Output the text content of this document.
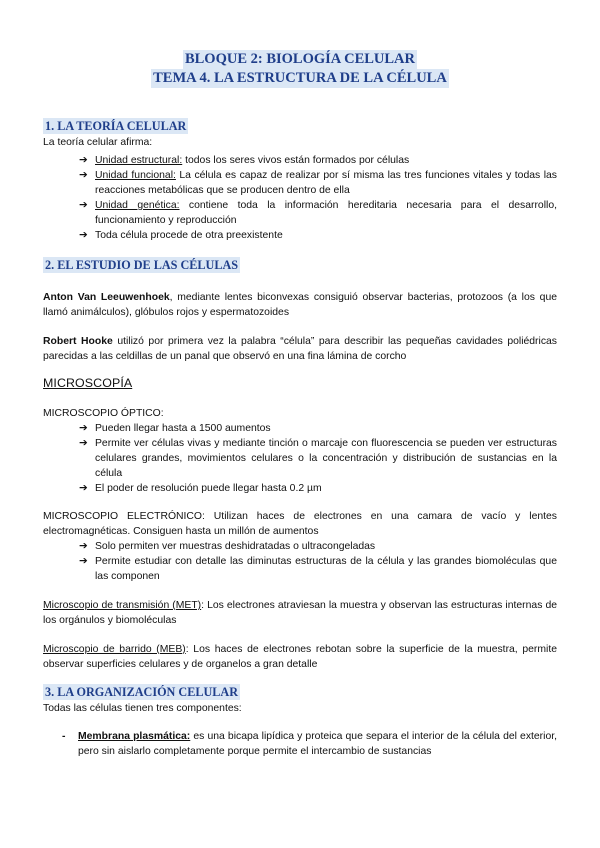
BLOQUE 2: BIOLOGÍA CELULAR
TEMA 4. LA ESTRUCTURA DE LA CÉLULA
1. LA TEORÍA CELULAR

La teoría celular afirma:

➔ Unidad estructural: todos los seres vivos están formados por células
➔ Unidad funcional: La célula es capaz de realizar por sí misma las tres funciones vitales y todas las reacciones metabólicas que se producen dentro de ella
➔ Unidad genética: contiene toda la información hereditaria necesaria para el desarrollo, funcionamiento y reproducción
➔ Toda célula procede de otra preexistente
2. EL ESTUDIO DE LAS CÉLULAS

Anton Van Leeuwenhoek, mediante lentes biconvexas consiguió observar bacterias, protozoos (a los que llamó animálculos), glóbulos rojos y espermatozoides

Robert Hooke utilizó por primera vez la palabra “célula” para describir las pequeñas cavidades poliédricas parecidas a las celdillas de un panal que observó en una fina lámina de corcho

MICROSCOPÍA

MICROSCOPIO ÓPTICO:

➔ Pueden llegar hasta a 1500 aumentos
➔ Permite ver células vivas y mediante tinción o marcaje con fluorescencia se pueden ver estructuras celulares grandes, movimientos celulares o la concentración y distribución de sustancias en la célula
➔ El poder de resolución puede llegar hasta 0.2 µm

MICROSCOPIO ELECTRÓNICO: Utilizan haces de electrones en una camara de vacío y lentes electromagnéticas. Consiguen hasta un millón de aumentos

➔ Solo permiten ver muestras deshidratadas o ultracongeladas
➔ Permite estudiar con detalle las diminutas estructuras de la célula y las grandes biomoléculas que las componen

Microscopio de transmisión (MET): Los electrones atraviesan la muestra y observan las estructuras internas de los orgánulos y biomoléculas

Microscopio de barrido (MEB): Los haces de electrones rebotan sobre la superficie de la muestra, permite observar superficies celulares y de organelos a gran detalle

3. LA ORGANIZACIÓN CELULAR

Todas las células tienen tres componentes:

- Membrana plasmática: es una bicapa lipídica y proteica que separa el interior de la célula del exterior, pero sin aislarlo completamente porque permite el intercambio de sustancias
